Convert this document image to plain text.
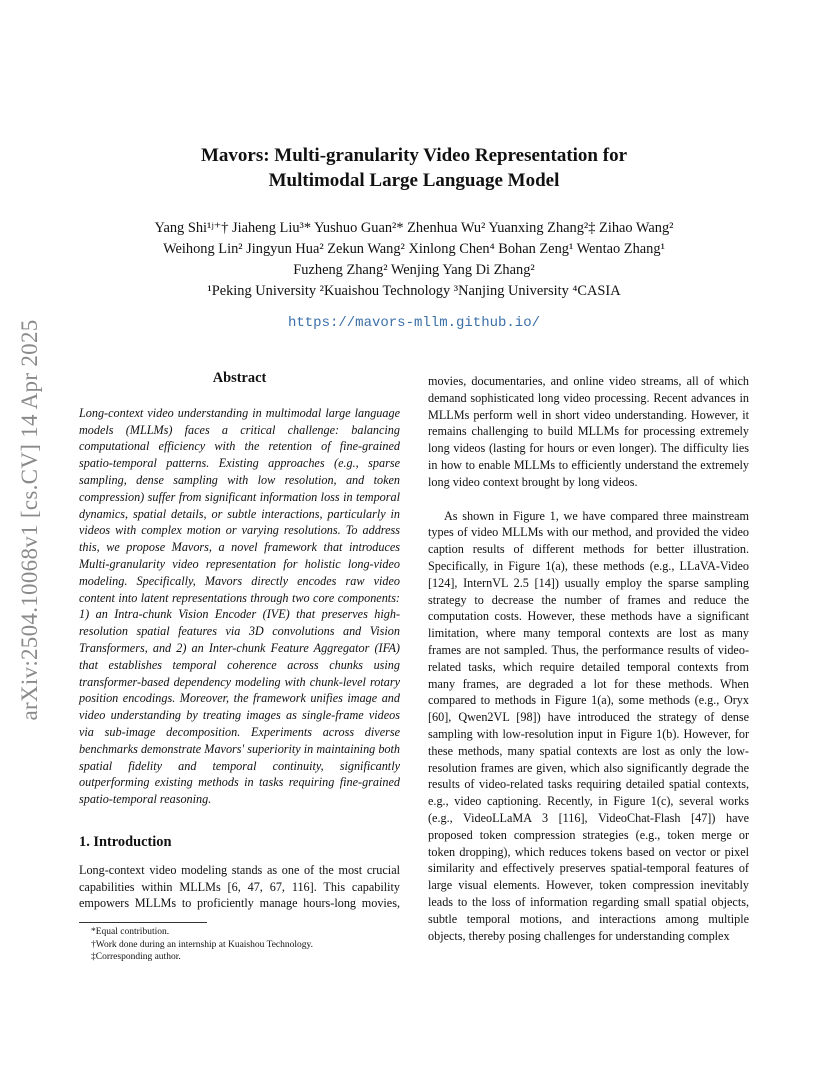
arXiv:2504.10068v1 [cs.CV] 14 Apr 2025
Mavors: Multi-granularity Video Representation for
Multimodal Large Language Model
Yang Shi¹ʲ⁺† Jiaheng Liu³* Yushuo Guan²* Zhenhua Wu² Yuanxing Zhang²‡ Zihao Wang²
Weihong Lin² Jingyun Hua² Zekun Wang² Xinlong Chen⁴ Bohan Zeng¹ Wentao Zhang¹
Fuzheng Zhang² Wenjing Yang Di Zhang²
¹Peking University ²Kuaishou Technology ³Nanjing University ⁴CASIA
https://mavors-mllm.github.io/
Abstract

Long-context video understanding in multimodal large language models (MLLMs) faces a critical challenge: balancing computational efficiency with the retention of fine-grained spatio-temporal patterns. Existing approaches (e.g., sparse sampling, dense sampling with low resolution, and token compression) suffer from significant information loss in temporal dynamics, spatial details, or subtle interactions, particularly in videos with complex motion or varying resolutions. To address this, we propose Mavors, a novel framework that introduces Multi-granularity video representation for holistic long-video modeling. Specifically, Mavors directly encodes raw video content into latent representations through two core components: 1) an Intra-chunk Vision Encoder (IVE) that preserves high-resolution spatial features via 3D convolutions and Vision Transformers, and 2) an Inter-chunk Feature Aggregator (IFA) that establishes temporal coherence across chunks using transformer-based dependency modeling with chunk-level rotary position encodings. Moreover, the framework unifies image and video understanding by treating images as single-frame videos via sub-image decomposition. Experiments across diverse benchmarks demonstrate Mavors' superiority in maintaining both spatial fidelity and temporal continuity, significantly outperforming existing methods in tasks requiring fine-grained spatio-temporal reasoning.

1. Introduction

Long-context video modeling stands as one of the most crucial capabilities within MLLMs [6, 47, 67, 116]. This capability empowers MLLMs to proficiently manage hours-long movies,

movies, documentaries, and online video streams, all of which demand sophisticated long video processing. Recent advances in MLLMs perform well in short video understanding. However, it remains challenging to build MLLMs for processing extremely long videos (lasting for hours or even longer). The difficulty lies in how to enable MLLMs to efficiently understand the extremely long video context brought by long videos.

As shown in Figure 1, we have compared three mainstream types of video MLLMs with our method, and provided the video caption results of different methods for better illustration. Specifically, in Figure 1(a), these methods (e.g., LLaVA-Video [124], InternVL 2.5 [14]) usually employ the sparse sampling strategy to decrease the number of frames and reduce the computation costs. However, these methods have a significant limitation, where many temporal contexts are lost as many frames are not sampled. Thus, the performance results of video-related tasks, which require detailed temporal contexts from many frames, are degraded a lot for these methods. When compared to methods in Figure 1(a), some methods (e.g., Oryx [60], Qwen2VL [98]) have introduced the strategy of dense sampling with low-resolution input in Figure 1(b). However, for these methods, many spatial contexts are lost as only the low-resolution frames are given, which also significantly degrade the results of video-related tasks requiring detailed spatial contexts, e.g., video captioning. Recently, in Figure 1(c), several works (e.g., VideoLLaMA 3 [116], VideoChat-Flash [47]) have proposed token compression strategies (e.g., token merge or token dropping), which reduces tokens based on vector or pixel similarity and effectively preserves spatial-temporal features of large visual elements. However, token compression inevitably leads to the loss of information regarding small spatial objects, subtle temporal motions, and interactions among multiple objects, thereby posing challenges for understanding complex

*Equal contribution.
†Work done during an internship at Kuaishou Technology.
‡Corresponding author.
